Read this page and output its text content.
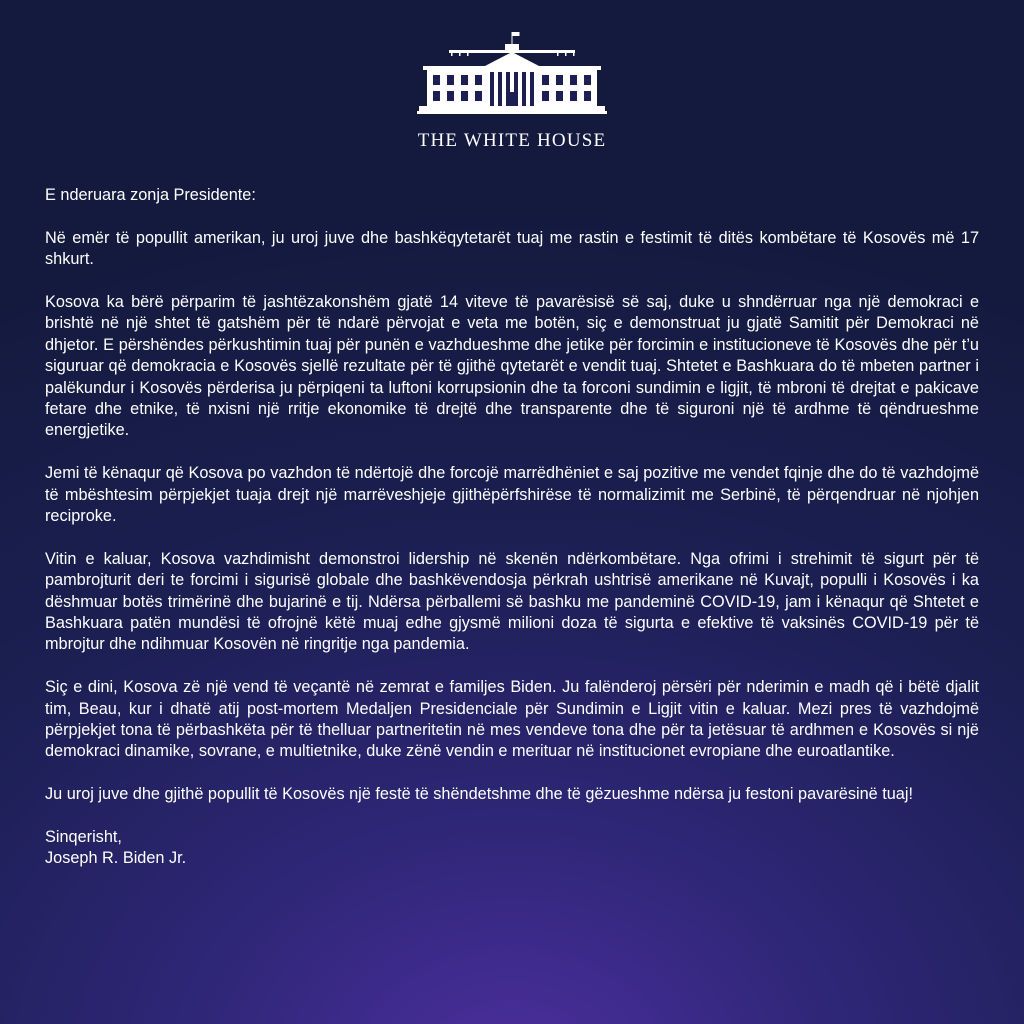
THE WHITE HOUSE

E nderuara zonja Presidente:

Në emër të popullit amerikan, ju uroj juve dhe bashkëqytetarët tuaj me rastin e festimit të ditës kombëtare të Kosovës më 17 shkurt.

Kosova ka bërë përparim të jashtëzakonshëm gjatë 14 viteve të pavarësisë së saj, duke u shndërruar nga një demokraci e brishtë në një shtet të gatshëm për të ndarë përvojat e veta me botën, siç e demonstruat ju gjatë Samitit për Demokraci në dhjetor. E përshëndes përkushtimin tuaj për punën e vazhdueshme dhe jetike për forcimin e institucioneve të Kosovës dhe për t’u siguruar që demokracia e Kosovës sjellë rezultate për të gjithë qytetarët e vendit tuaj. Shtetet e Bashkuara do të mbeten partner i palëkundur i Kosovës përderisa ju përpiqeni ta luftoni korrupsionin dhe ta forconi sundimin e ligjit, të mbroni të drejtat e pakicave fetare dhe etnike, të nxisni një rritje ekonomike të drejtë dhe transparente dhe të siguroni një të ardhme të qëndrueshme energjetike.

Jemi të kënaqur që Kosova po vazhdon të ndërtojë dhe forcojë marrëdhëniet e saj pozitive me vendet fqinje dhe do të vazhdojmë të mbështesim përpjekjet tuaja drejt një marrëveshjeje gjithëpërfshirëse të normalizimit me Serbinë, të përqendruar në njohjen reciproke.

Vitin e kaluar, Kosova vazhdimisht demonstroi lidership në skenën ndërkombëtare. Nga ofrimi i strehimit të sigurt për të pambrojturit deri te forcimi i sigurisë globale dhe bashkëvendosja përkrah ushtrisë amerikane në Kuvajt, populli i Kosovës i ka dëshmuar botës trimërinë dhe bujarinë e tij. Ndërsa përballemi së bashku me pandeminë COVID-19, jam i kënaqur që Shtetet e Bashkuara patën mundësi të ofrojnë këtë muaj edhe gjysmë milioni doza të sigurta e efektive të vaksinës COVID-19 për të mbrojtur dhe ndihmuar Kosovën në ringritje nga pandemia.

Siç e dini, Kosova zë një vend të veçantë në zemrat e familjes Biden. Ju falënderoj përsëri për nderimin e madh që i bëtë djalit tim, Beau, kur i dhatë atij post-mortem Medaljen Presidenciale për Sundimin e Ligjit vitin e kaluar. Mezi pres të vazhdojmë përpjekjet tona të përbashkëta për të thelluar partneritetin në mes vendeve tona dhe për ta jetësuar të ardhmen e Kosovës si një demokraci dinamike, sovrane, e multietnike, duke zënë vendin e merituar në institucionet evropiane dhe euroatlantike.

Ju uroj juve dhe gjithë popullit të Kosovës një festë të shëndetshme dhe të gëzueshme ndërsa ju festoni pavarësinë tuaj!

Sinqerisht,
Joseph R. Biden Jr.
